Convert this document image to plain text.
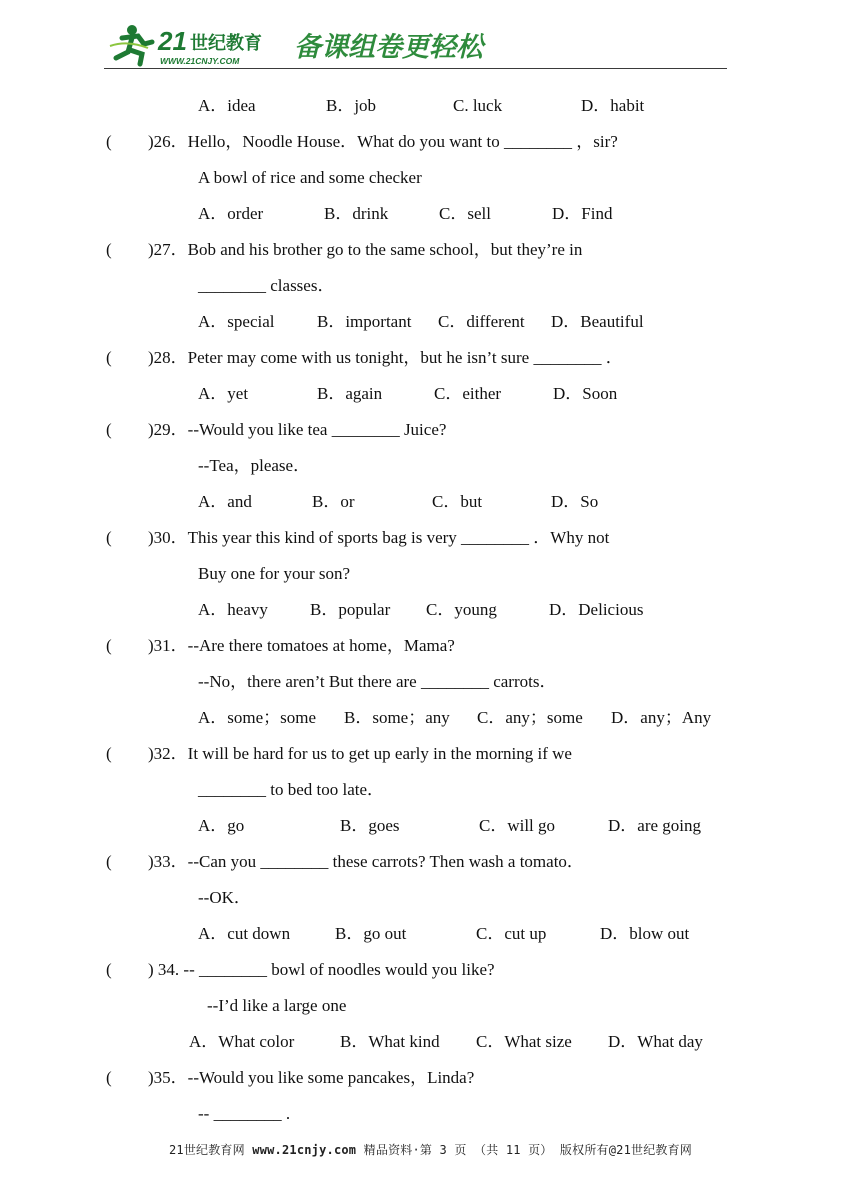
21 世纪教育
WWW.21CNJY.COM 备课组卷更轻松
A．idea	B．job	C. luck	D．habit
( )26．Hello，Noodle House．What do you want to ________ ，sir?
A bowl of rice and some checker
A．order	B．drink	C．sell	D．Find
( )27．Bob and his brother go to the same school，but they’re in
________ classes．
A．special	B．important C．different D．Beautiful
( )28．Peter may come with us tonight，but he isn’t sure ________ ．
A．yet	B．again	C．either	D．Soon
( )29．--Would you like tea ________ Juice?
--Tea，please．
A．and	B．or	C．but	D．So
( )30．This year this kind of sports bag is very ________ ．Why not
Buy one for your son?
A．heavy B．popular C．young	D．Delicious
( )31．--Are there tomatoes at home，Mama?
--No，there aren’t But there are ________ carrots．
A．some；some B．some；any C．any；some D．any；Any
( )32．It will be hard for us to get up early in the morning if we
________ to bed too late．
A．go	B．goes	C．will go	D．are going
( )33．--Can you ________ these carrots? Then wash a tomato．
--OK．
A．cut down	B．go out	C．cut up	D．blow out
( ) 34. -- ________ bowl of noodles would you like?
--I’d like a large one
A．What color	B．What kind C．What size D．What day
( )35．--Would you like some pancakes，Linda?
-- ________ .
21世纪教育网 www.21cnjy.com 精品资料·第 3 页 （共 11 页） 版权所有@21世纪教育网
